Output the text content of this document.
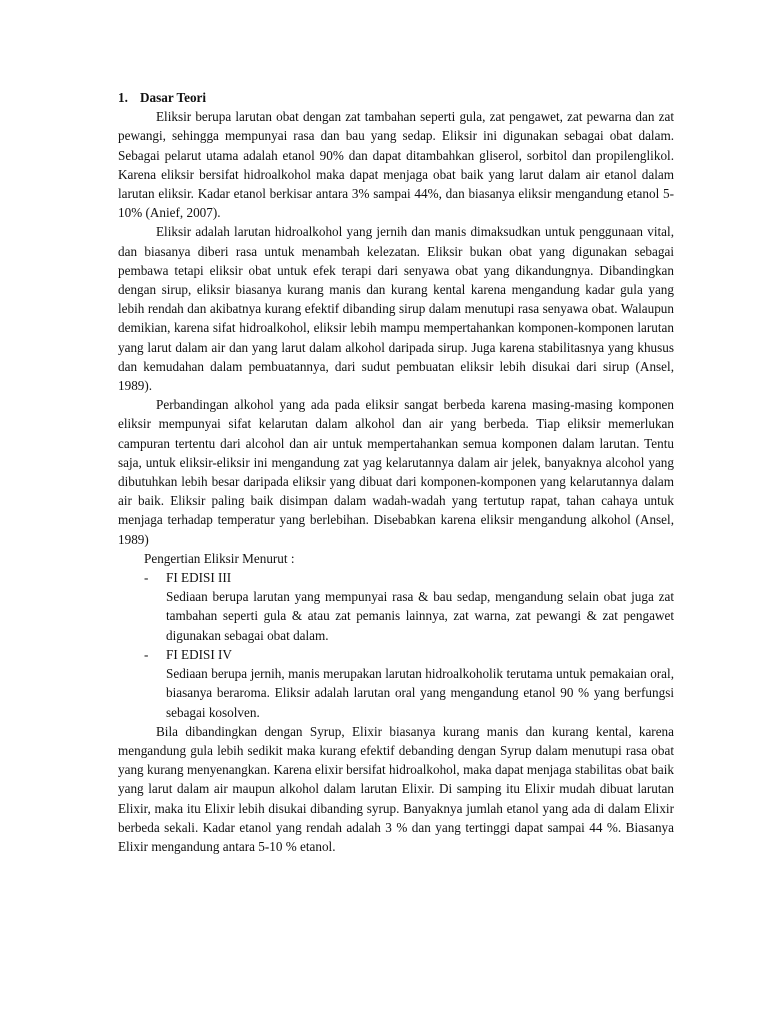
1. Dasar Teori

Eliksir berupa larutan obat dengan zat tambahan seperti gula, zat pengawet, zat pewarna dan zat pewangi, sehingga mempunyai rasa dan bau yang sedap. Eliksir ini digunakan sebagai obat dalam. Sebagai pelarut utama adalah etanol 90% dan dapat ditambahkan gliserol, sorbitol dan propilenglikol. Karena eliksir bersifat hidroalkohol maka dapat menjaga obat baik yang larut dalam air etanol dalam larutan eliksir. Kadar etanol berkisar antara 3% sampai 44%, dan biasanya eliksir mengandung etanol 5-10% (Anief, 2007).

Eliksir adalah larutan hidroalkohol yang jernih dan manis dimaksudkan untuk penggunaan vital, dan biasanya diberi rasa untuk menambah kelezatan. Eliksir bukan obat yang digunakan sebagai pembawa tetapi eliksir obat untuk efek terapi dari senyawa obat yang dikandungnya. Dibandingkan dengan sirup, eliksir biasanya kurang manis dan kurang kental karena mengandung kadar gula yang lebih rendah dan akibatnya kurang efektif dibanding sirup dalam menutupi rasa senyawa obat. Walaupun demikian, karena sifat hidroalkohol, eliksir lebih mampu mempertahankan komponen-komponen larutan yang larut dalam air dan yang larut dalam alkohol daripada sirup. Juga karena stabilitasnya yang khusus dan kemudahan dalam pembuatannya, dari sudut pembuatan eliksir lebih disukai dari sirup (Ansel, 1989).

Perbandingan alkohol yang ada pada eliksir sangat berbeda karena masing-masing komponen eliksir mempunyai sifat kelarutan dalam alkohol dan air yang berbeda. Tiap eliksir memerlukan campuran tertentu dari alcohol dan air untuk mempertahankan semua komponen dalam larutan. Tentu saja, untuk eliksir-eliksir ini mengandung zat yag kelarutannya dalam air jelek, banyaknya alcohol yang dibutuhkan lebih besar daripada eliksir yang dibuat dari komponen-komponen yang kelarutannya dalam air baik. Eliksir paling baik disimpan dalam wadah-wadah yang tertutup rapat, tahan cahaya untuk menjaga terhadap temperatur yang berlebihan. Disebabkan karena eliksir mengandung alkohol (Ansel, 1989)

Pengertian Eliksir Menurut :
-	FI EDISI III

Sediaan berupa larutan yang mempunyai rasa & bau sedap, mengandung selain obat juga zat tambahan seperti gula & atau zat pemanis lainnya, zat warna, zat pewangi & zat pengawet digunakan sebagai obat dalam.

-	FI EDISI IV

Sediaan berupa jernih, manis merupakan larutan hidroalkoholik terutama untuk pemakaian oral, biasanya beraroma. Eliksir adalah larutan oral yang mengandung etanol 90 % yang berfungsi sebagai kosolven.

Bila dibandingkan dengan Syrup, Elixir biasanya kurang manis dan kurang kental, karena mengandung gula lebih sedikit maka kurang efektif debanding dengan Syrup dalam menutupi rasa obat yang kurang menyenangkan. Karena elixir bersifat hidroalkohol, maka dapat menjaga stabilitas obat baik yang larut dalam air maupun alkohol dalam larutan Elixir. Di samping itu Elixir mudah dibuat larutan Elixir, maka itu Elixir lebih disukai dibanding syrup. Banyaknya jumlah etanol yang ada di dalam Elixir berbeda sekali. Kadar etanol yang rendah adalah 3 % dan yang tertinggi dapat sampai 44 %. Biasanya Elixir mengandung antara 5-10 % etanol.
